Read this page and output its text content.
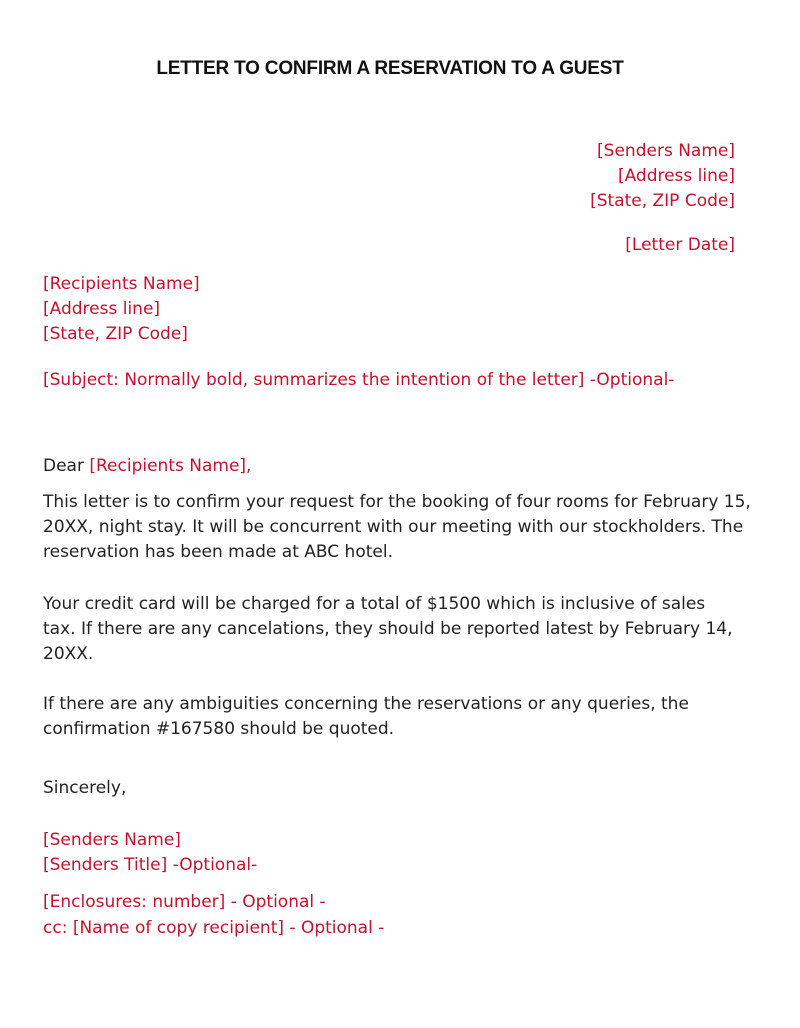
LETTER TO CONFIRM A RESERVATION TO A GUEST
[Senders Name]
[Address line]
[State, ZIP Code]
[Letter Date]
[Recipients Name]
[Address line]
[State, ZIP Code]
[Subject: Normally bold, summarizes the intention of the letter] -Optional-
Dear [Recipients Name],
This letter is to confirm your request for the booking of four rooms for February 15,
20XX, night stay. It will be concurrent with our meeting with our stockholders. The
reservation has been made at ABC hotel.
Your credit card will be charged for a total of $1500 which is inclusive of sales
tax. If there are any cancelations, they should be reported latest by February 14,
20XX.
If there are any ambiguities concerning the reservations or any queries, the
confirmation #167580 should be quoted.
Sincerely,
[Senders Name]
[Senders Title] -Optional-
[Enclosures: number] - Optional -
cc: [Name of copy recipient] - Optional -
